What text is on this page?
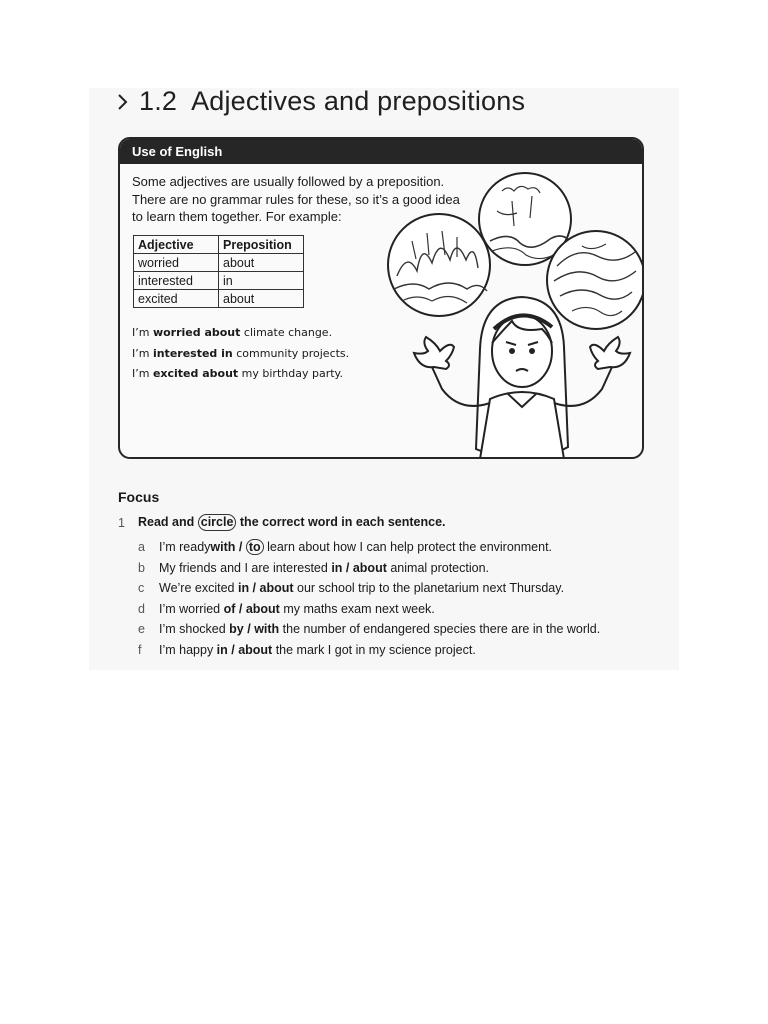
1.2 Adjectives and prepositions
Use of English

Some adjectives are usually followed by a preposition.
There are no grammar rules for these, so it’s a good idea
to learn them together. For example:

Adjective	Preposition
worried	about
interested	in
excited	about
I’m worried about climate change.
I’m interested in community projects.
I’m excited about my birthday party.
Focus
1 Read and circle the correct word in each sentence.
a	I’m ready with / to learn about how I can help protect the environment.
b	My friends and I are interested in / about animal protection.
c	We’re excited in / about our school trip to the planetarium next Thursday.
d	I’m worried of / about my maths exam next week.
e	I’m shocked by / with the number of endangered species there are in the world.
f	I’m happy in / about the mark I got in my science project.
